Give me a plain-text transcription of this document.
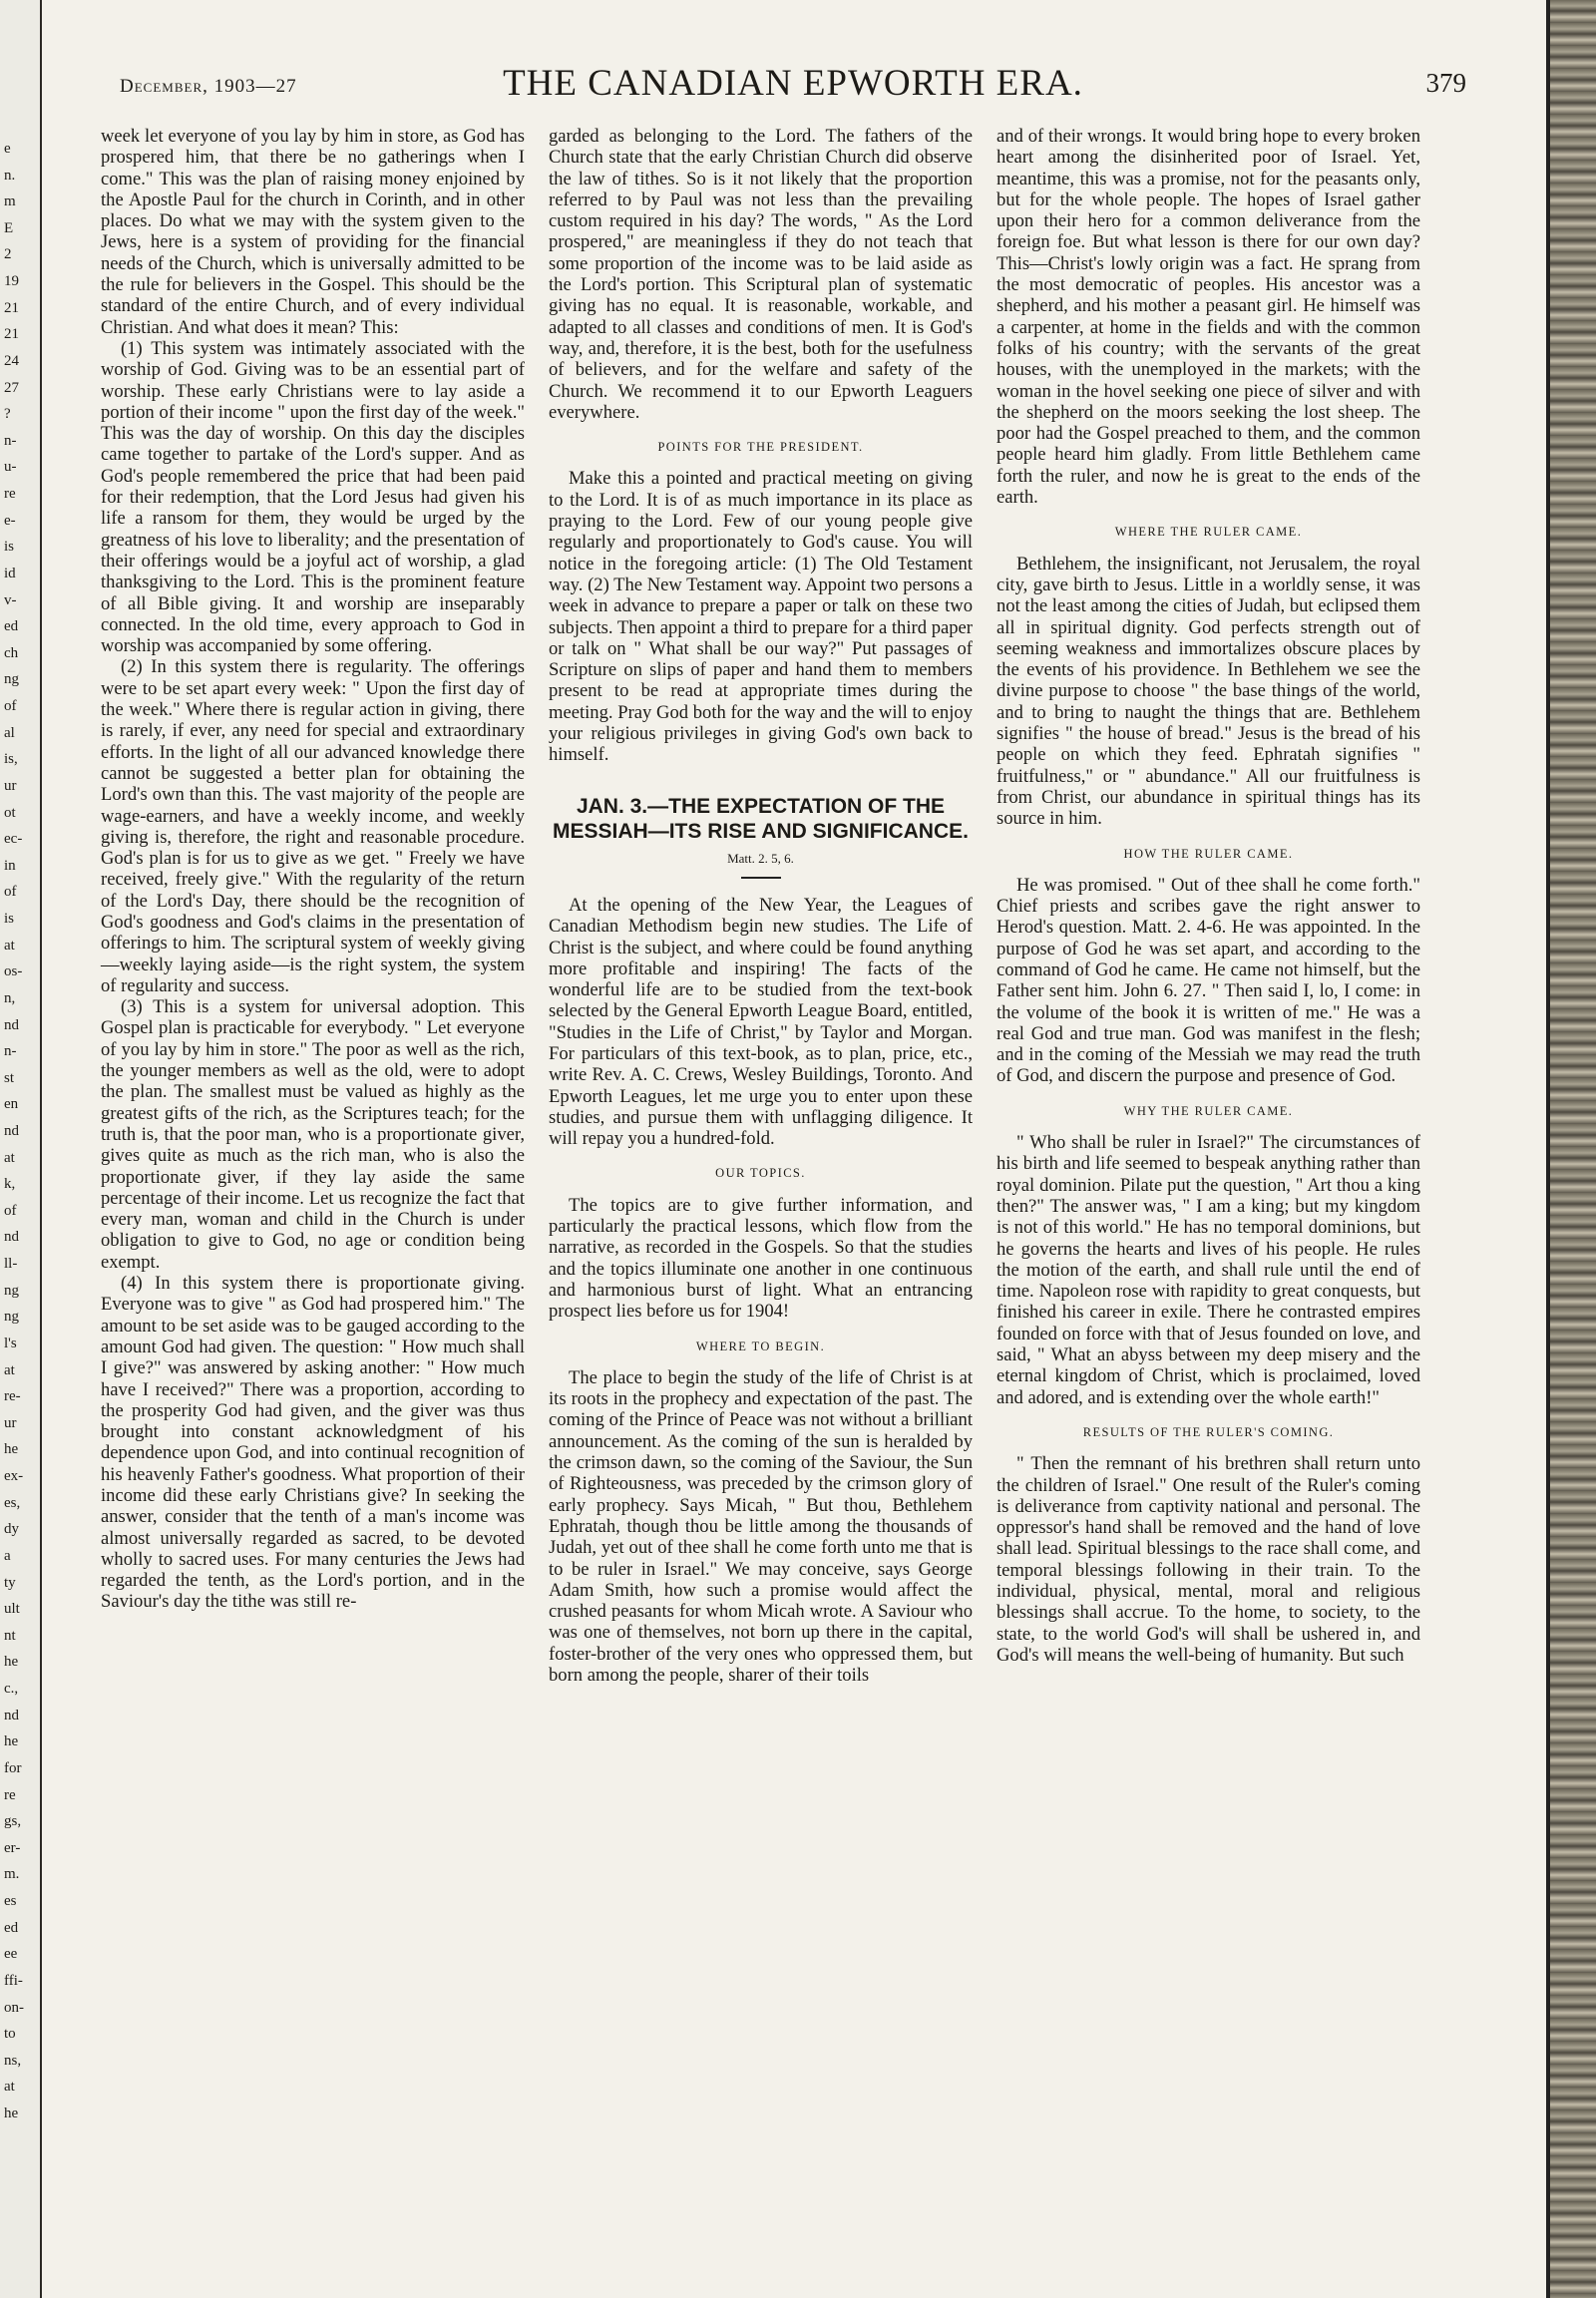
e
n.
m
E
2
19
21
21
24
27
?
n-
u-
re
e-
is
id
v-
ed
ch
ng
of
al
is,
ur
ot
ec-
in
of
is
at
os-
n,
nd
n-
st
en
nd
at
k,
of
nd
ll-
ng
ng
l's
at
re-
ur
he
ex-
es,
dy
a
ty
ult
nt
he
c.,
nd
he
for
re
gs,
er-
m.
es
ed
ee
ffi-
on-
to
ns,
at
he
December, 1903—27	THE CANADIAN EPWORTH ERA.	379

week let everyone of you lay by him in store, as God has prospered him, that there be no gatherings when I come." This was the plan of raising money enjoined by the Apostle Paul for the church in Corinth, and in other places. Do what we may with the system given to the Jews, here is a system of providing for the financial needs of the Church, which is universally admitted to be the rule for believers in the Gospel. This should be the standard of the entire Church, and of every individual Christian. And what does it mean? This:

(1) This system was intimately associated with the worship of God. Giving was to be an essential part of worship. These early Christians were to lay aside a portion of their income " upon the first day of the week." This was the day of worship. On this day the disciples came together to partake of the Lord's supper. And as God's people remembered the price that had been paid for their redemption, that the Lord Jesus had given his life a ransom for them, they would be urged by the greatness of his love to liberality; and the presentation of their offerings would be a joyful act of worship, a glad thanksgiving to the Lord. This is the prominent feature of all Bible giving. It and worship are inseparably connected. In the old time, every approach to God in worship was accompanied by some offering.

(2) In this system there is regularity. The offerings were to be set apart every week: " Upon the first day of the week." Where there is regular action in giving, there is rarely, if ever, any need for special and extraordinary efforts. In the light of all our advanced knowledge there cannot be suggested a better plan for obtaining the Lord's own than this. The vast majority of the people are wage-earners, and have a weekly income, and weekly giving is, therefore, the right and reasonable procedure. God's plan is for us to give as we get. " Freely we have received, freely give." With the regularity of the return of the Lord's Day, there should be the recognition of God's goodness and God's claims in the presentation of offerings to him. The scriptural system of weekly giving—weekly laying aside—is the right system, the system of regularity and success.

(3) This is a system for universal adoption. This Gospel plan is practicable for everybody. " Let everyone of you lay by him in store." The poor as well as the rich, the younger members as well as the old, were to adopt the plan. The smallest must be valued as highly as the greatest gifts of the rich, as the Scriptures teach; for the truth is, that the poor man, who is a proportionate giver, gives quite as much as the rich man, who is also the proportionate giver, if they lay aside the same percentage of their income. Let us recognize the fact that every man, woman and child in the Church is under obligation to give to God, no age or condition being exempt.

(4) In this system there is proportionate giving. Everyone was to give " as God had prospered him." The amount to be set aside was to be gauged according to the amount God had given. The question: " How much shall I give?" was answered by asking another: " How much have I received?" There was a proportion, according to the prosperity God had given, and the giver was thus brought into constant acknowledgment of his dependence upon God, and into continual recognition of his heavenly Father's goodness. What proportion of their income did these early Christians give? In seeking the answer, consider that the tenth of a man's income was almost universally regarded as sacred, to be devoted wholly to sacred uses. For many centuries the Jews had regarded the tenth, as the Lord's portion, and in the Saviour's day the tithe was still re-

garded as belonging to the Lord. The fathers of the Church state that the early Christian Church did observe the law of tithes. So is it not likely that the proportion referred to by Paul was not less than the prevailing custom required in his day? The words, " As the Lord prospered," are meaningless if they do not teach that some proportion of the income was to be laid aside as the Lord's portion. This Scriptural plan of systematic giving has no equal. It is reasonable, workable, and adapted to all classes and conditions of men. It is God's way, and, therefore, it is the best, both for the usefulness of believers, and for the welfare and safety of the Church. We recommend it to our Epworth Leaguers everywhere.

POINTS FOR THE PRESIDENT.

Make this a pointed and practical meeting on giving to the Lord. It is of as much importance in its place as praying to the Lord. Few of our young people give regularly and proportionately to God's cause. You will notice in the foregoing article: (1) The Old Testament way. (2) The New Testament way. Appoint two persons a week in advance to prepare a paper or talk on these two subjects. Then appoint a third to prepare for a third paper or talk on " What shall be our way?" Put passages of Scripture on slips of paper and hand them to members present to be read at appropriate times during the meeting. Pray God both for the way and the will to enjoy your religious privileges in giving God's own back to himself.

JAN. 3.—THE EXPECTATION OF THE MESSIAH—ITS RISE AND SIGNIFICANCE.
Matt. 2. 5, 6.

At the opening of the New Year, the Leagues of Canadian Methodism begin new studies. The Life of Christ is the subject, and where could be found anything more profitable and inspiring! The facts of the wonderful life are to be studied from the text-book selected by the General Epworth League Board, entitled, "Studies in the Life of Christ," by Taylor and Morgan. For particulars of this text-book, as to plan, price, etc., write Rev. A. C. Crews, Wesley Buildings, Toronto. And Epworth Leagues, let me urge you to enter upon these studies, and pursue them with unflagging diligence. It will repay you a hundred-fold.

OUR TOPICS.

The topics are to give further information, and particularly the practical lessons, which flow from the narrative, as recorded in the Gospels. So that the studies and the topics illuminate one another in one continuous and harmonious burst of light. What an entrancing prospect lies before us for 1904!

WHERE TO BEGIN.

The place to begin the study of the life of Christ is at its roots in the prophecy and expectation of the past. The coming of the Prince of Peace was not without a brilliant announcement. As the coming of the sun is heralded by the crimson dawn, so the coming of the Saviour, the Sun of Righteousness, was preceded by the crimson glory of early prophecy. Says Micah, " But thou, Bethlehem Ephratah, though thou be little among the thousands of Judah, yet out of thee shall he come forth unto me that is to be ruler in Israel." We may conceive, says George Adam Smith, how such a promise would affect the crushed peasants for whom Micah wrote. A Saviour who was one of themselves, not born up there in the capital, foster-brother of the very ones who oppressed them, but born among the people, sharer of their toils

and of their wrongs. It would bring hope to every broken heart among the disinherited poor of Israel. Yet, meantime, this was a promise, not for the peasants only, but for the whole people. The hopes of Israel gather upon their hero for a common deliverance from the foreign foe. But what lesson is there for our own day? This—Christ's lowly origin was a fact. He sprang from the most democratic of peoples. His ancestor was a shepherd, and his mother a peasant girl. He himself was a carpenter, at home in the fields and with the common folks of his country; with the servants of the great houses, with the unemployed in the markets; with the woman in the hovel seeking one piece of silver and with the shepherd on the moors seeking the lost sheep. The poor had the Gospel preached to them, and the common people heard him gladly. From little Bethlehem came forth the ruler, and now he is great to the ends of the earth.

WHERE THE RULER CAME.

Bethlehem, the insignificant, not Jerusalem, the royal city, gave birth to Jesus. Little in a worldly sense, it was not the least among the cities of Judah, but eclipsed them all in spiritual dignity. God perfects strength out of seeming weakness and immortalizes obscure places by the events of his providence. In Bethlehem we see the divine purpose to choose " the base things of the world, and to bring to naught the things that are. Bethlehem signifies " the house of bread." Jesus is the bread of his people on which they feed. Ephratah signifies " fruitfulness," or " abundance." All our fruitfulness is from Christ, our abundance in spiritual things has its source in him.

HOW THE RULER CAME.

He was promised. " Out of thee shall he come forth." Chief priests and scribes gave the right answer to Herod's question. Matt. 2. 4-6. He was appointed. In the purpose of God he was set apart, and according to the command of God he came. He came not himself, but the Father sent him. John 6. 27. " Then said I, lo, I come: in the volume of the book it is written of me." He was a real God and true man. God was manifest in the flesh; and in the coming of the Messiah we may read the truth of God, and discern the purpose and presence of God.

WHY THE RULER CAME.

" Who shall be ruler in Israel?" The circumstances of his birth and life seemed to bespeak anything rather than royal dominion. Pilate put the question, " Art thou a king then?" The answer was, " I am a king; but my kingdom is not of this world." He has no temporal dominions, but he governs the hearts and lives of his people. He rules the motion of the earth, and shall rule until the end of time. Napoleon rose with rapidity to great conquests, but finished his career in exile. There he contrasted empires founded on force with that of Jesus founded on love, and said, " What an abyss between my deep misery and the eternal kingdom of Christ, which is proclaimed, loved and adored, and is extending over the whole earth!"

RESULTS OF THE RULER'S COMING.

" Then the remnant of his brethren shall return unto the children of Israel." One result of the Ruler's coming is deliverance from captivity national and personal. The oppressor's hand shall be removed and the hand of love shall lead. Spiritual blessings to the race shall come, and temporal blessings following in their train. To the individual, physical, mental, moral and religious blessings shall accrue. To the home, to society, to the state, to the world God's will shall be ushered in, and God's will means the well-being of humanity. But such
